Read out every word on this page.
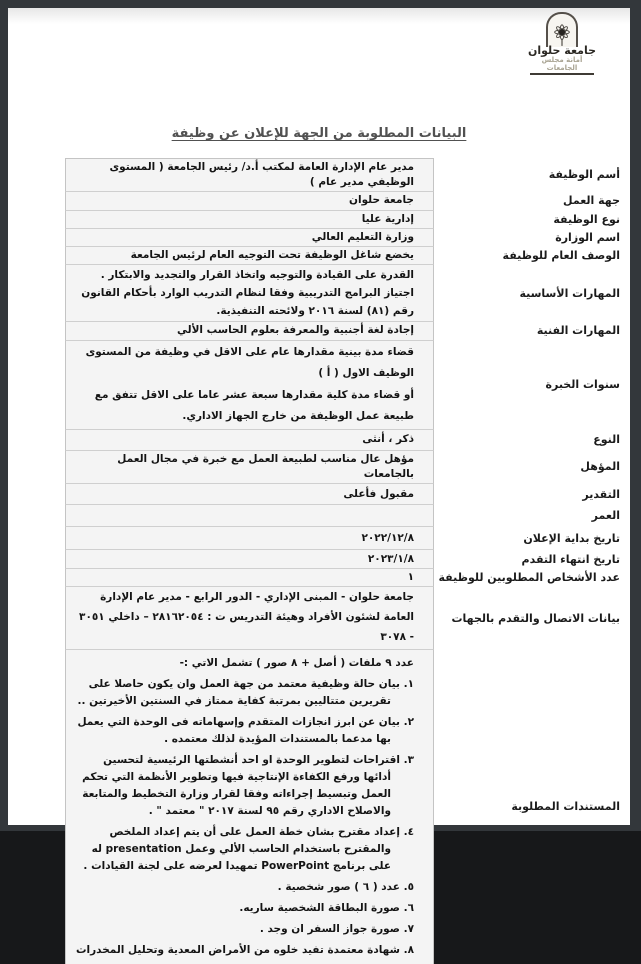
جامعة حلوان
أمانة مجلس الجامعات
البيانات المطلوبة من الجهة للإعلان عن وظيفة
أسم الوظيفة
مدير عام الإدارة العامة لمكتب أ.د/ رئيس الجامعة ( المستوى الوظيفي مدير عام )
جهة العمل
جامعة حلوان
نوع الوظيفة
إدارية عليا
اسم الوزارة
وزارة التعليم العالي
الوصف العام للوظيفة
يخضع شاغل الوظيفة تحت التوجيه العام لرئيس الجامعة
المهارات الأساسية
القدرة على القيادة والتوجيه واتخاذ القرار والتجديد والابتكار .
اجتياز البرامج التدريبية وفقا لنظام التدريب الوارد بأحكام القانون رقم (٨١) لسنة ٢٠١٦ ولائحته التنفيذية.
المهارات الفنية
إجادة لغة أجنبية والمعرفة بعلوم الحاسب الألي
سنوات الخبرة
قضاء مدة بينية مقدارها عام على الاقل في وظيفة من المستوى الوظيف الاول ( أ )
أو قضاء مدة كلية مقدارها سبعة عشر عاما على الاقل تتفق مع طبيعة عمل الوظيفة من خارج الجهاز الاداري.
النوع
ذكر ، أنثى
المؤهل
مؤهل عال مناسب لطبيعة العمل مع خبرة في مجال العمل بالجامعات
التقدير
مقبول فأعلى
العمر
تاريخ بداية الإعلان
٢٠٢٢/١٢/٨
تاريخ انتهاء التقدم
٢٠٢٣/١/٨
عدد الأشخاص المطلوبين للوظيفة
١
بيانات الاتصال والتقدم بالجهات
جامعة حلوان - المبنى الإداري - الدور الرابع - مدير عام الإدارة العامة لشئون الأفراد وهيئة التدريس ت : ٢٨١٦٢٠٥٤ – داخلي ٣٠٥١ - ٣٠٧٨
المستندات المطلوبة
عدد ٩ ملفات ( أصل + ٨ صور ) تشمل الاتي :-
١. بيان حالة وظيفية معتمد من جهة العمل وان يكون حاصلا على تقريرين متتاليين بمرتبة كفاية ممتاز في السنتين الأخيرتين ..
٢. بيان عن ابرز انجازات المتقدم وإسهاماته فى الوحدة التي يعمل بها مدعما بالمستندات المؤيدة لذلك معتمده .
٣. اقتراحات لتطوير الوحدة او احد أنشطتها الرئيسية لتحسين أدائها ورفع الكفاءة الإنتاجية فيها وتطوير الأنظمة التي تحكم العمل وتبسيط إجراءاته وفقا لقرار وزارة التخطيط والمتابعة والاصلاح الاداري رقم ٩٥ لسنة ٢٠١٧ " معتمد " .
٤. إعداد مقترح بشان خطة العمل على أن يتم إعداد الملخص والمقترح باستخدام الحاسب الألي وعمل presentation له على برنامج PowerPoint تمهيدا لعرضه على لجنة القيادات .
٥. عدد ( ٦ ) صور شخصية .
٦. صورة البطاقة الشخصية ساريه.
٧. صورة جواز السفر ان وجد .
٨. شهادة معتمدة تفيد خلوه من الأمراض المعدية وتحليل المخدرات
